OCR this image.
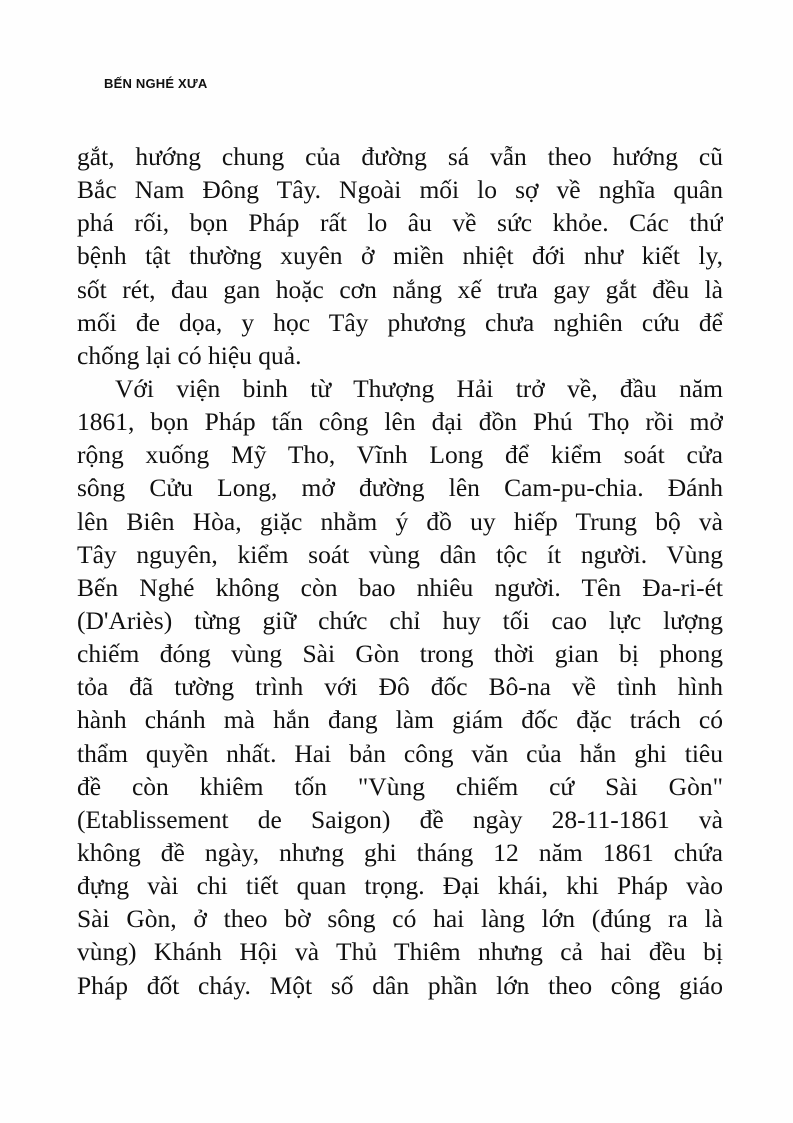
BẾN NGHÉ XƯA
gắt, hướng chung của đường sá vẫn theo hướng cũ
Bắc Nam Đông Tây. Ngoài mối lo sợ về nghĩa quân
phá rối, bọn Pháp rất lo âu về sức khỏe. Các thứ
bệnh tật thường xuyên ở miền nhiệt đới như kiết ly,
sốt rét, đau gan hoặc cơn nắng xế trưa gay gắt đều là
mối đe dọa, y học Tây phương chưa nghiên cứu để
chống lại có hiệu quả.
Với viện binh từ Thượng Hải trở về, đầu năm
1861, bọn Pháp tấn công lên đại đồn Phú Thọ rồi mở
rộng xuống Mỹ Tho, Vĩnh Long để kiểm soát cửa
sông Cửu Long, mở đường lên Cam-pu-chia. Đánh
lên Biên Hòa, giặc nhằm ý đồ uy hiếp Trung bộ và
Tây nguyên, kiểm soát vùng dân tộc ít người. Vùng
Bến Nghé không còn bao nhiêu người. Tên Đa-ri-ét
(D'Ariès) từng giữ chức chỉ huy tối cao lực lượng
chiếm đóng vùng Sài Gòn trong thời gian bị phong
tỏa đã tường trình với Đô đốc Bô-na về tình hình
hành chánh mà hắn đang làm giám đốc đặc trách có
thẩm quyền nhất. Hai bản công văn của hắn ghi tiêu
đề còn khiêm tốn "Vùng chiếm cứ Sài Gòn"
(Etablissement de Saigon) đề ngày 28-11-1861 và
không đề ngày, nhưng ghi tháng 12 năm 1861 chứa
đựng vài chi tiết quan trọng. Đại khái, khi Pháp vào
Sài Gòn, ở theo bờ sông có hai làng lớn (đúng ra là
vùng) Khánh Hội và Thủ Thiêm nhưng cả hai đều bị
Pháp đốt cháy. Một số dân phần lớn theo công giáo
